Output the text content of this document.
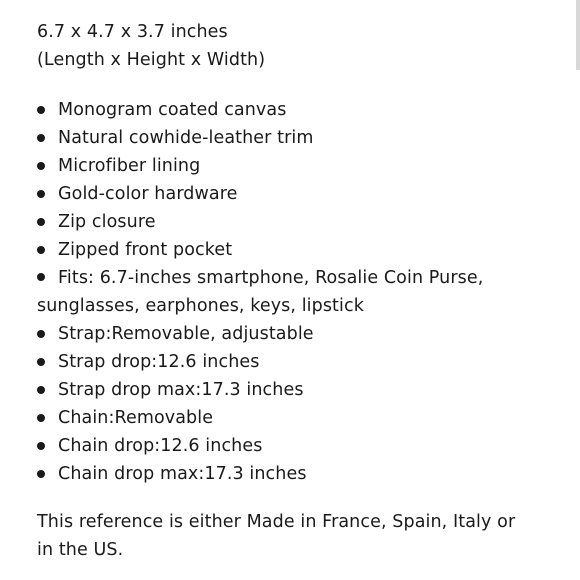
6.7 x 4.7 x 3.7 inches

(Length x Height x Width)

Monogram coated canvas
Natural cowhide-leather trim
Microfiber lining
Gold-color hardware
Zip closure
Zipped front pocket
Fits: 6.7-inches smartphone, Rosalie Coin Purse, sunglasses, earphones, keys, lipstick
Strap:Removable, adjustable
Strap drop:12.6 inches
Strap drop max:17.3 inches
Chain:Removable
Chain drop:12.6 inches
Chain drop max:17.3 inches

This reference is either Made in France, Spain, Italy or in the US.
